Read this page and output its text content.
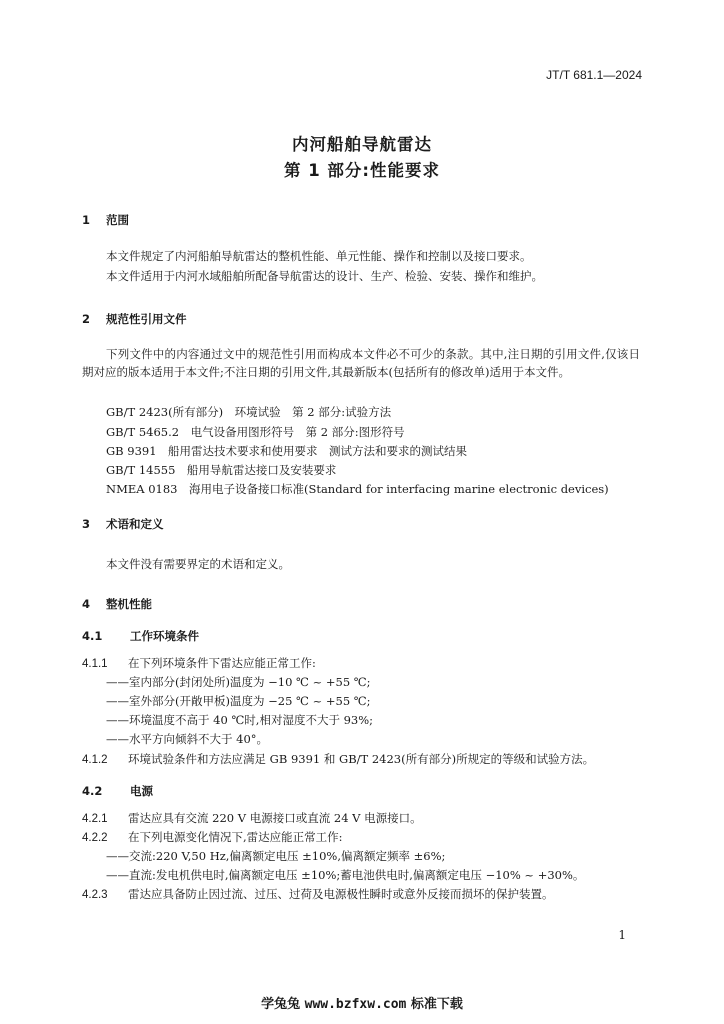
JT/T 681.1—2024
内河船舶导航雷达
第 1 部分:性能要求
1 范围
本文件规定了内河船舶导航雷达的整机性能、单元性能、操作和控制以及接口要求。
本文件适用于内河水域船舶所配备导航雷达的设计、生产、检验、安装、操作和维护。
2 规范性引用文件
下列文件中的内容通过文中的规范性引用而构成本文件必不可少的条款。其中,注日期的引用文件,仅该日期对应的版本适用于本文件;不注日期的引用文件,其最新版本(包括所有的修改单)适用于本文件。
GB/T 2423(所有部分)　环境试验　第 2 部分:试验方法
GB/T 5465.2　电气设备用图形符号　第 2 部分:图形符号
GB 9391　船用雷达技术要求和使用要求　测试方法和要求的测试结果
GB/T 14555　船用导航雷达接口及安装要求
NMEA 0183　海用电子设备接口标准(Standard for interfacing marine electronic devices)
3 术语和定义
本文件没有需要界定的术语和定义。
4 整机性能
4.1 工作环境条件
4.1.1 在下列环境条件下雷达应能正常工作:
——室内部分(封闭处所)温度为 −10 ℃ ~ +55 ℃;
——室外部分(开敞甲板)温度为 −25 ℃ ~ +55 ℃;
——环境温度不高于 40 ℃时,相对湿度不大于 93%;
——水平方向倾斜不大于 40°。
4.1.2 环境试验条件和方法应满足 GB 9391 和 GB/T 2423(所有部分)所规定的等级和试验方法。
4.2 电源
4.2.1 雷达应具有交流 220 V 电源接口或直流 24 V 电源接口。
4.2.2 在下列电源变化情况下,雷达应能正常工作:
——交流:220 V,50 Hz,偏离额定电压 ±10%,偏离额定频率 ±6%;
——直流:发电机供电时,偏离额定电压 ±10%;蓄电池供电时,偏离额定电压 −10% ~ +30%。
4.2.3 雷达应具备防止因过流、过压、过荷及电源极性瞬时或意外反接而损坏的保护装置。
1
学兔兔 www.bzfxw.com 标准下载
